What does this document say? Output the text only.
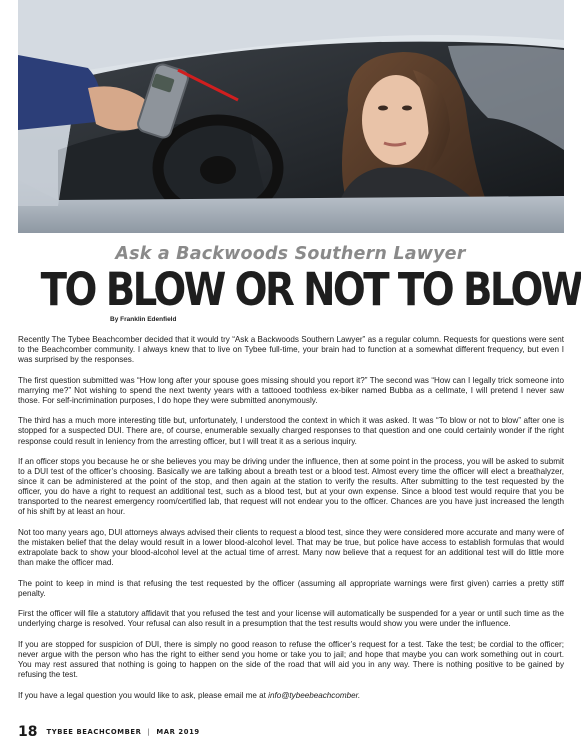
Ask a Backwoods Southern Lawyer
TO BLOW OR NOT TO BLOW
By Franklin Edenfield

Recently The Tybee Beachcomber decided that it would try “Ask a Backwoods Southern Lawyer” as a regular column. Requests for questions were sent to the Beachcomber community. I always knew that to live on Tybee full-time, your brain had to function at a somewhat different frequency, but even I was surprised by the responses.

The first question submitted was “How long after your spouse goes missing should you report it?” The second was “How can I legally trick someone into marrying me?” Not wishing to spend the next twenty years with a tattooed toothless ex-biker named Bubba as a cellmate, I will pretend I never saw those. For self-incrimination purposes, I do hope they were submitted anonymously.

The third has a much more interesting title but, unfortunately, I understood the context in which it was asked. It was “To blow or not to blow” after one is stopped for a suspected DUI. There are, of course, enumerable sexually charged responses to that question and one could certainly wonder if the right response could result in leniency from the arresting officer, but I will treat it as a serious inquiry.

If an officer stops you because he or she believes you may be driving under the influence, then at some point in the process, you will be asked to submit to a DUI test of the officer’s choosing. Basically we are talking about a breath test or a blood test. Almost every time the officer will elect a breathalyzer, since it can be administered at the point of the stop, and then again at the station to verify the results. After submitting to the test requested by the officer, you do have a right to request an additional test, such as a blood test, but at your own expense. Since a blood test would require that you be transported to the nearest emergency room/certified lab, that request will not endear you to the officer. Chances are you have just increased the length of his shift by at least an hour.

Not too many years ago, DUI attorneys always advised their clients to request a blood test, since they were considered more accurate and many were of the mistaken belief that the delay would result in a lower blood-alcohol level. That may be true, but police have access to establish formulas that would extrapolate back to show your blood-alcohol level at the actual time of arrest. Many now believe that a request for an additional test will do little more than make the officer mad.

The point to keep in mind is that refusing the test requested by the officer (assuming all appropriate warnings were first given) carries a pretty stiff penalty.

First the officer will file a statutory affidavit that you refused the test and your license will automatically be suspended for a year or until such time as the underlying charge is resolved. Your refusal can also result in a presumption that the test results would show you were under the influence.

If you are stopped for suspicion of DUI, there is simply no good reason to refuse the officer’s request for a test. Take the test; be cordial to the officer; never argue with the person who has the right to either send you home or take you to jail; and hope that maybe you can work something out in court. You may rest assured that nothing is going to happen on the side of the road that will aid you in any way. There is nothing positive to be gained by refusing the test.

If you have a legal question you would like to ask, please email me at info@tybeebeachcomber.

18 TYBEE BEACHCOMBER | MAR 2019
